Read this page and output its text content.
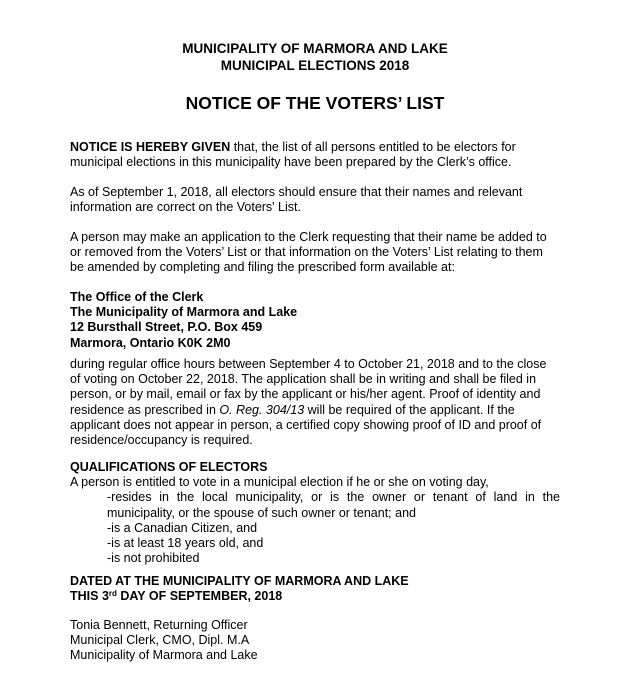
MUNICIPALITY OF MARMORA AND LAKE
MUNICIPAL ELECTIONS 2018
NOTICE OF THE VOTERS’ LIST
NOTICE IS HEREBY GIVEN that, the list of all persons entitled to be electors for municipal elections in this municipality have been prepared by the Clerk’s office.
As of September 1, 2018, all electors should ensure that their names and relevant information are correct on the Voters' List.
A person may make an application to the Clerk requesting that their name be added to or removed from the Voters’ List or that information on the Voters’ List relating to them be amended by completing and filing the prescribed form available at:
The Office of the Clerk
The Municipality of Marmora and Lake
12 Bursthall Street, P.O. Box 459
Marmora, Ontario K0K 2M0
during regular office hours between September 4 to October 21, 2018 and to the close of voting on October 22, 2018. The application shall be in writing and shall be filed in person, or by mail, email or fax by the applicant or his/her agent. Proof of identity and residence as prescribed in O. Reg. 304/13 will be required of the applicant. If the applicant does not appear in person, a certified copy showing proof of ID and proof of residence/occupancy is required.
QUALIFICATIONS OF ELECTORS
A person is entitled to vote in a municipal election if he or she on voting day,
-resides in the local municipality, or is the owner or tenant of land in the municipality, or the spouse of such owner or tenant; and
-is a Canadian Citizen, and
-is at least 18 years old, and
-is not prohibited
DATED AT THE MUNICIPALITY OF MARMORA AND LAKE
THIS 3rd DAY OF SEPTEMBER, 2018
Tonia Bennett, Returning Officer
Municipal Clerk, CMO, Dipl. M.A
Municipality of Marmora and Lake
